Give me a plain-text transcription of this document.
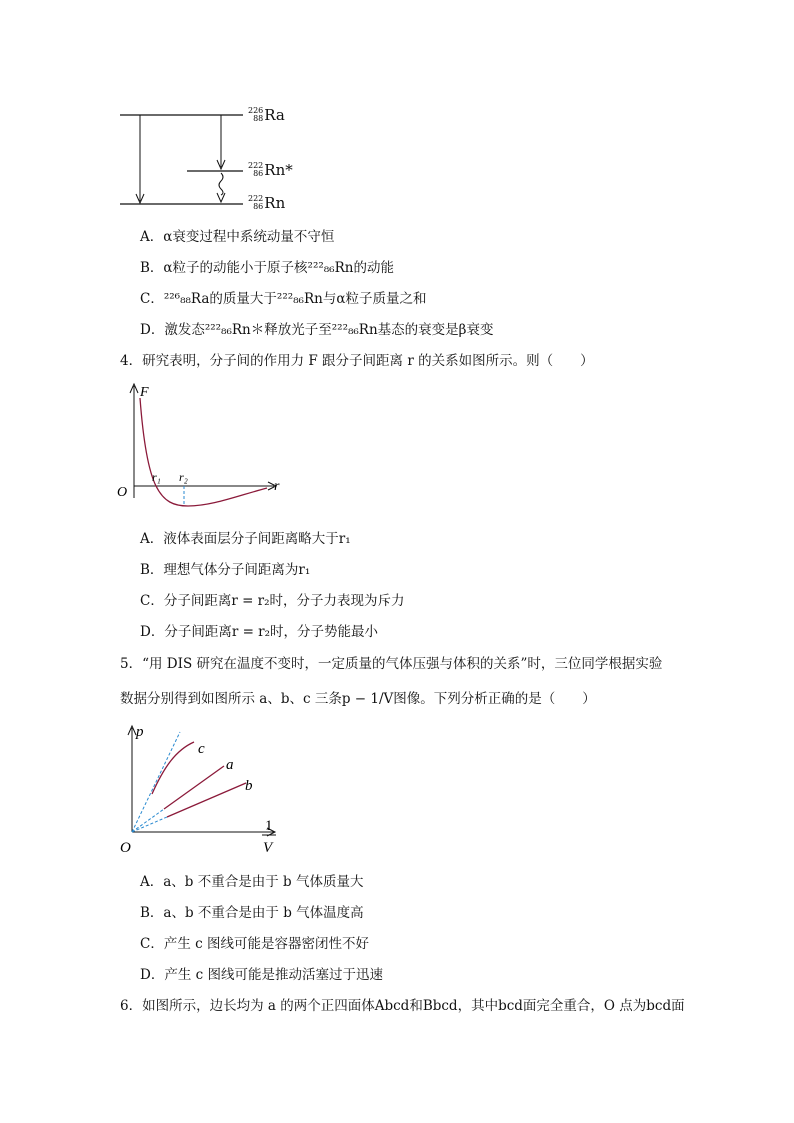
226
88 Ra
222
86 Rn*
222
86 Rn
A．α衰变过程中系统动量不守恒
B．α粒子的动能小于原子核²²²₈₆Rn的动能
C．²²⁶₈₈Ra的质量大于²²²₈₆Rn与α粒子质量之和
D．激发态²²²₈₆Rn＊释放光子至²²²₈₆Rn基态的衰变是β衰变
4．研究表明，分子间的作用力 F 跟分子间距离 r 的关系如图所示。则（　　）
F
O	r
r₁ r₂
A．液体表面层分子间距离略大于r₁
B．理想气体分子间距离为r₁
C．分子间距离r = r₂时，分子力表现为斥力
D．分子间距离r = r₂时，分子势能最小
5．“用 DIS 研究在温度不变时，一定质量的气体压强与体积的关系”时，三位同学根据实验
数据分别得到如图所示 a、b、c 三条p − 1/V图像。下列分析正确的是（　　）
p
c
a
b
O
1
V
A．a、b 不重合是由于 b 气体质量大
B．a、b 不重合是由于 b 气体温度高
C．产生 c 图线可能是容器密闭性不好
D．产生 c 图线可能是推动活塞过于迅速
6．如图所示，边长均为 a 的两个正四面体Abcd和Bbcd，其中bcd面完全重合，O 点为bcd面
